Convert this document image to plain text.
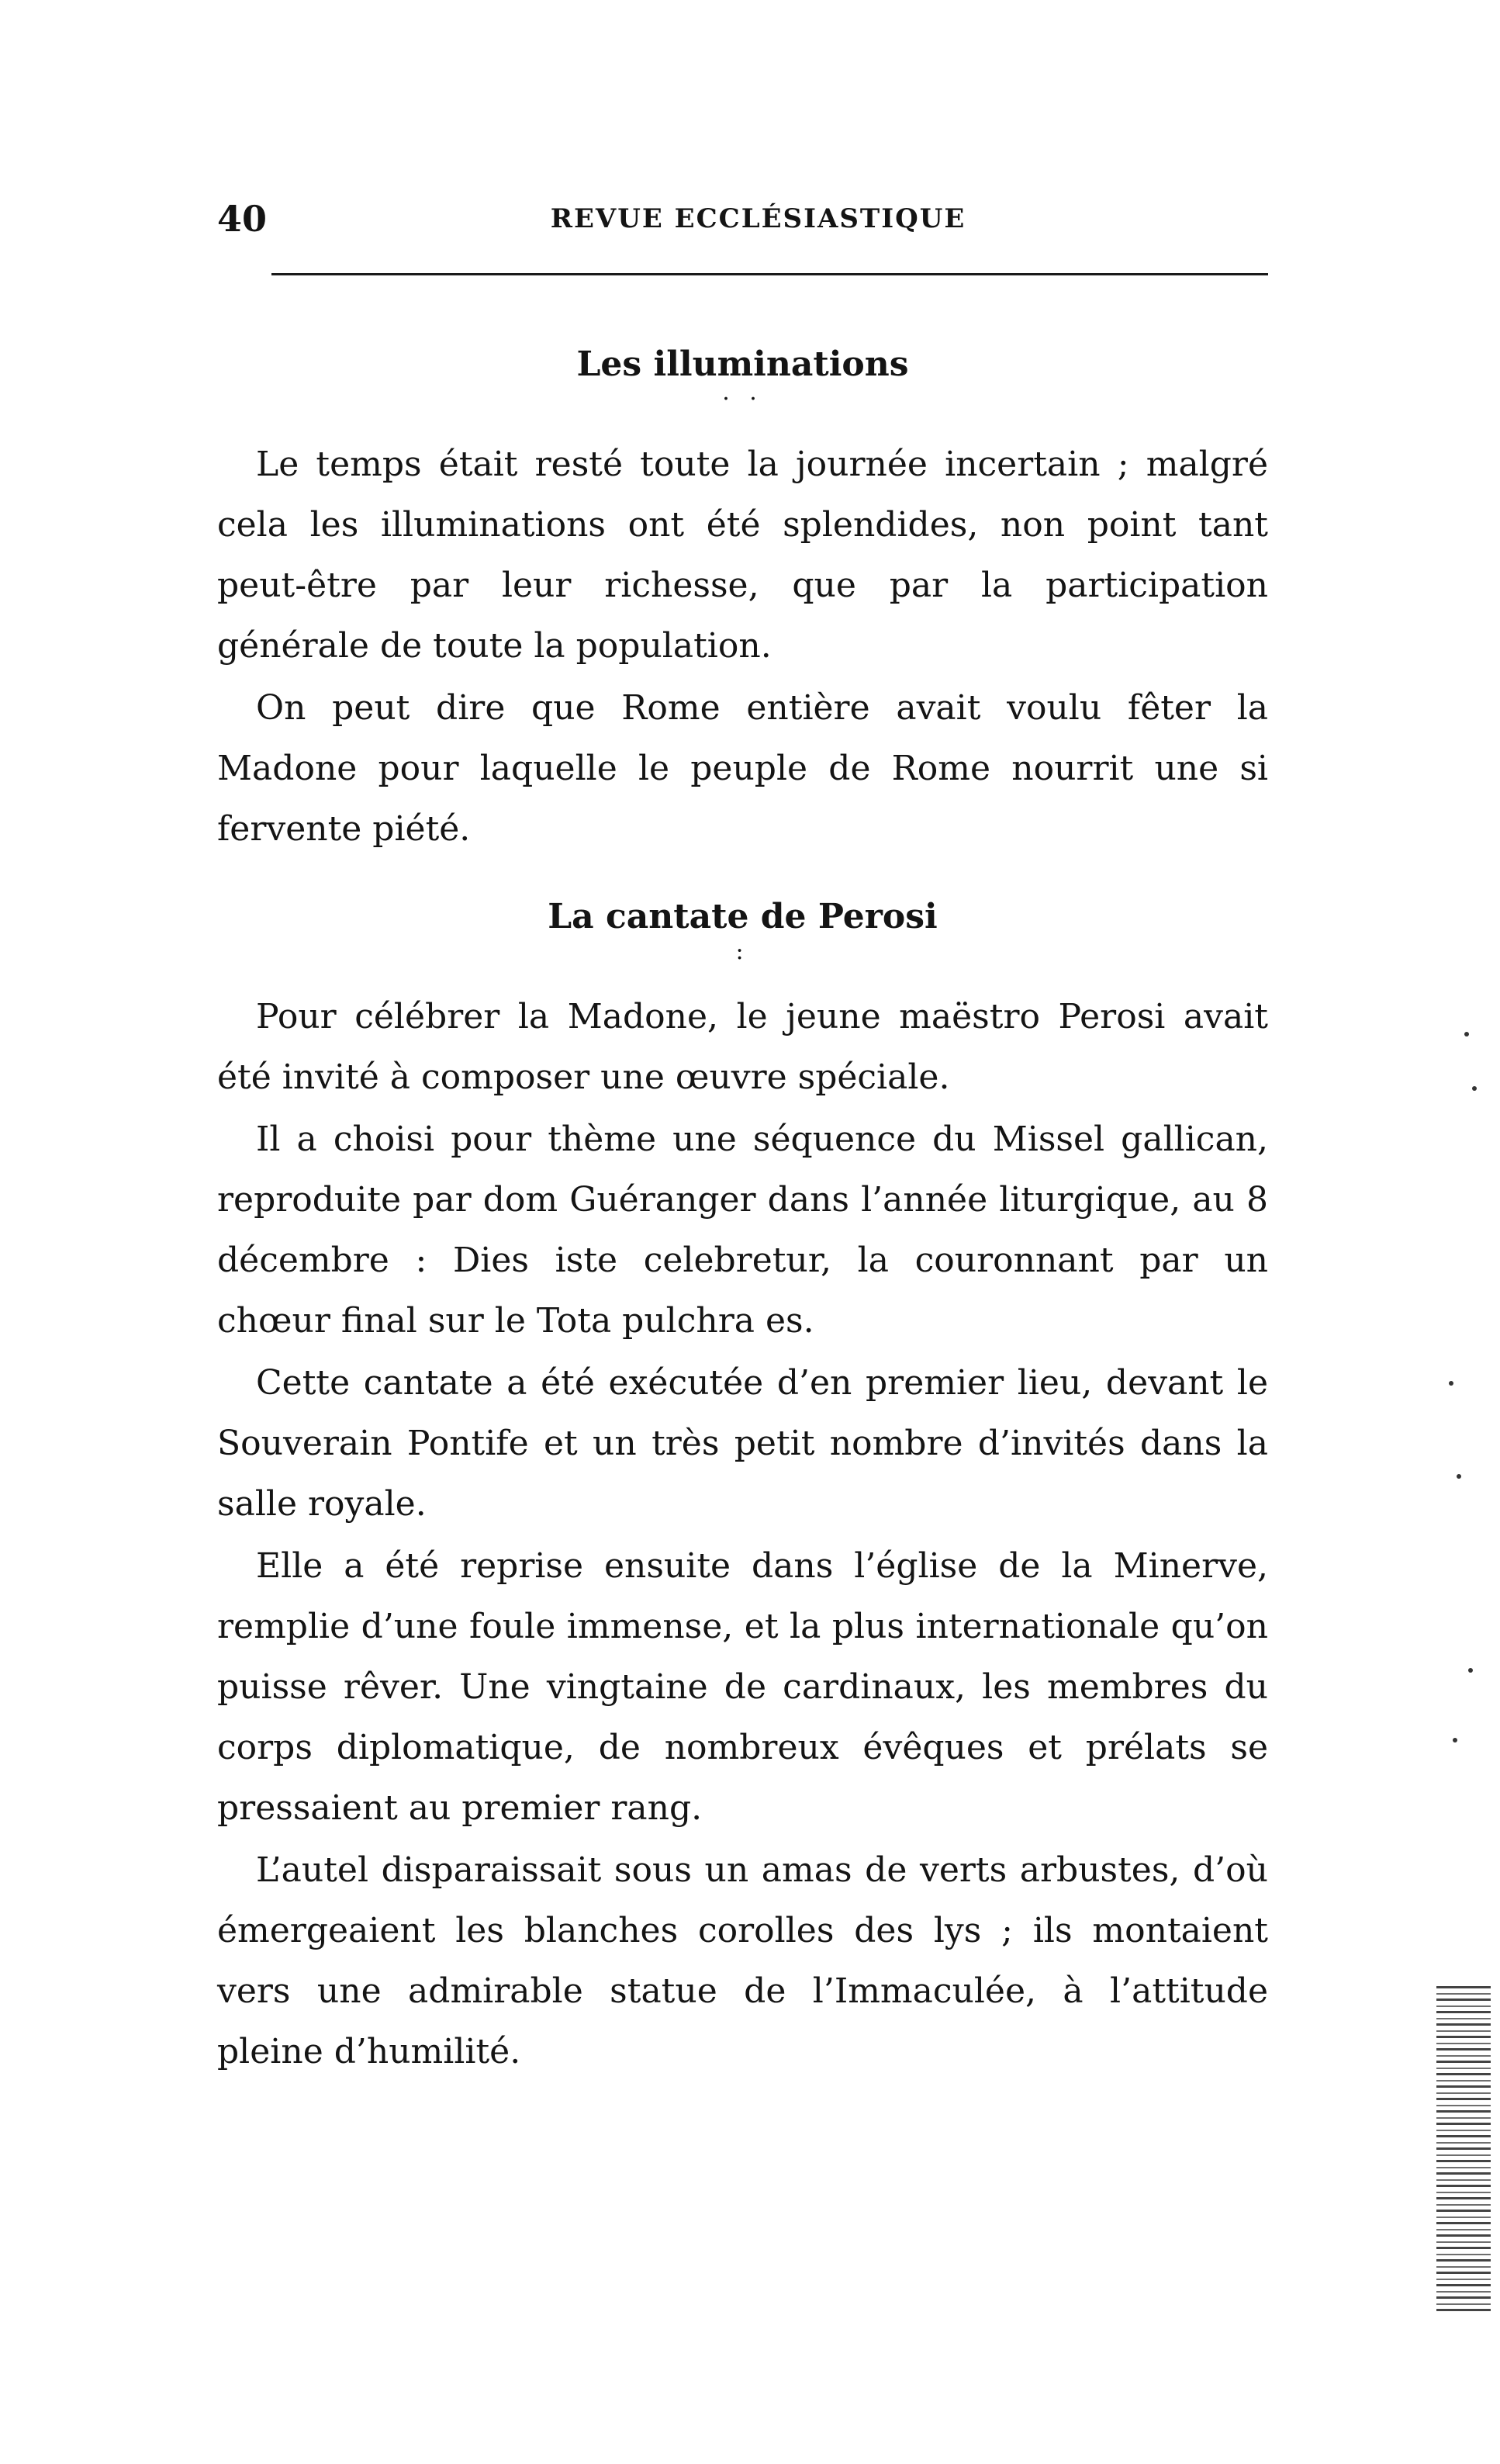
40	REVUE ECCLÉSIASTIQUE
Les illuminations
· ·

Le temps était resté toute la journée incertain ; malgré cela les illuminations ont été splendides, non point tant peut-être par leur richesse, que par la participation générale de toute la population.

On peut dire que Rome entière avait voulu fêter la Madone pour laquelle le peuple de Rome nourrit une si fervente piété.

La cantate de Perosi
:

Pour célébrer la Madone, le jeune maëstro Perosi avait été invité à composer une œuvre spéciale.

Il a choisi pour thème une séquence du Missel gallican, reproduite par dom Guéranger dans l’année liturgique, au 8 décembre : Dies iste celebretur, la couronnant par un chœur final sur le Tota pulchra es.

Cette cantate a été exécutée d’en premier lieu, devant le Souverain Pontife et un très petit nombre d’invités dans la salle royale.

Elle a été reprise ensuite dans l’église de la Minerve, remplie d’une foule immense, et la plus internationale qu’on puisse rêver. Une vingtaine de cardinaux, les membres du corps diplomatique, de nombreux évêques et prélats se pressaient au premier rang.

L’autel disparaissait sous un amas de verts arbustes, d’où émergeaient les blanches corolles des lys ; ils montaient vers une admirable statue de l’Immaculée, à l’attitude pleine d’humilité.
